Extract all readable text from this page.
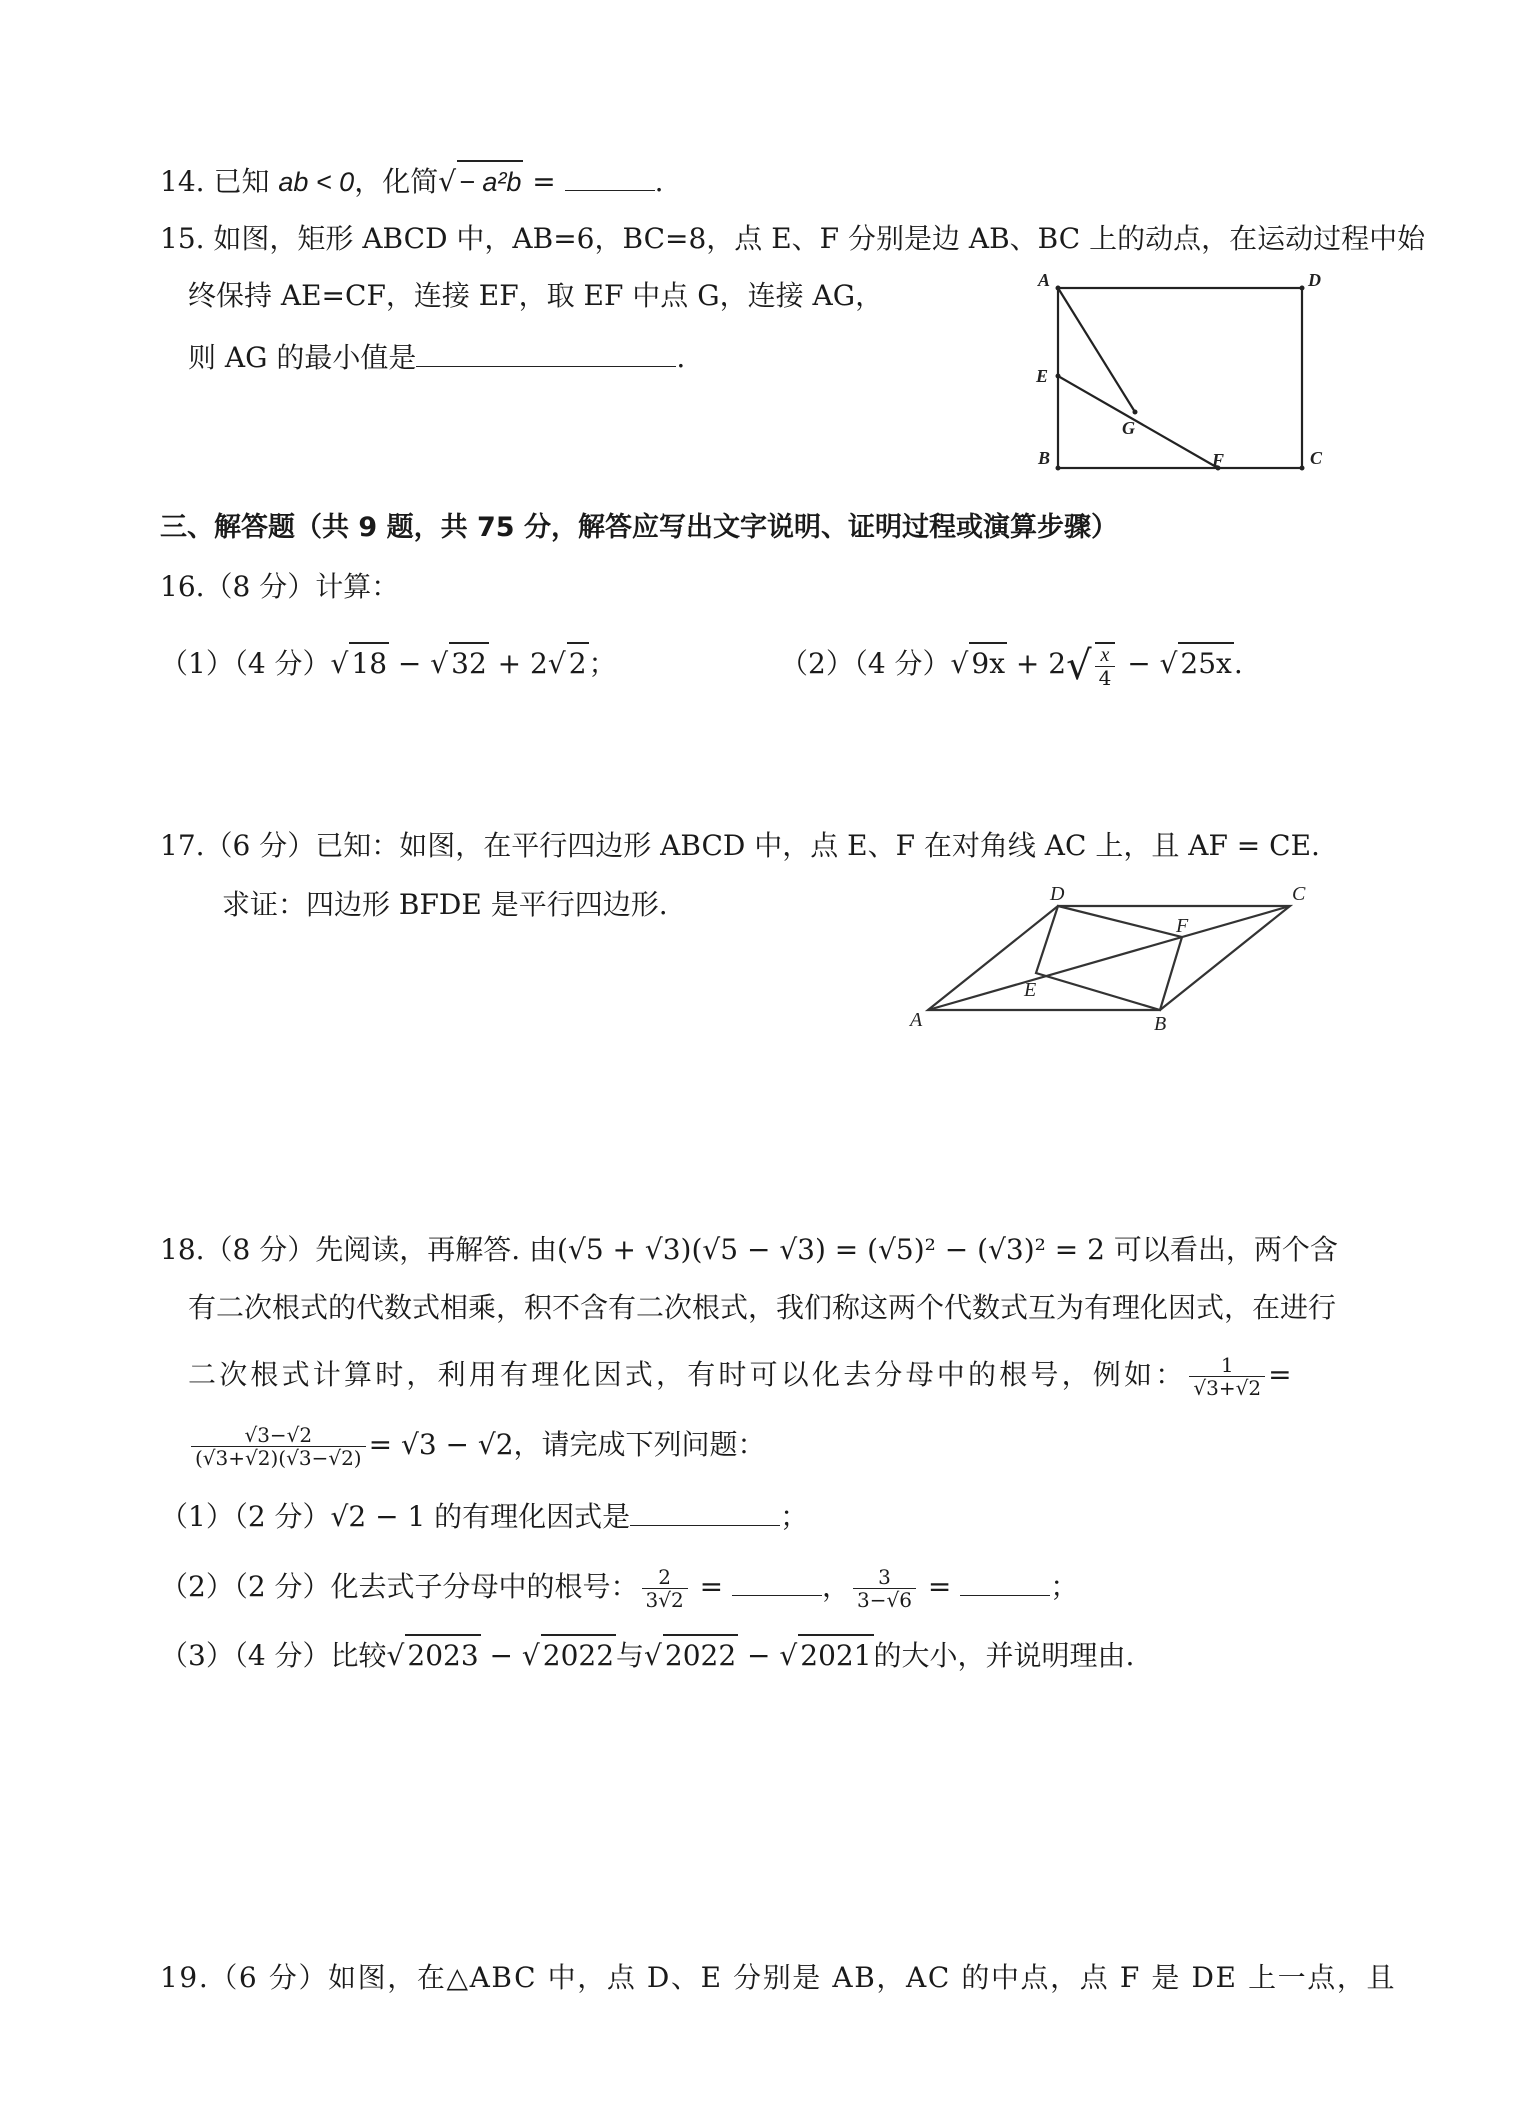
14. 已知 ab < 0，化简√ − a²b =	.
15. 如图，矩形 ABCD 中，AB=6，BC=8，点 E、F 分别是边 AB、BC 上的动点，在运动过程中始
终保持 AE=CF，连接 EF，取 EF 中点 G，连接 AG，
则 AG 的最小值是	.
A	D
E
G
B	F	C
三、解答题（共 9 题，共 75 分，解答应写出文字说明、证明过程或演算步骤）
16.（8 分）计算：
（1）（4 分）√ 18 − √ 32 + 2√ 2；	（2）（4 分）√ $9x + 2√ \frac{x}{4}$ − √ 25x.
17.（6 分）已知：如图，在平行四边形 ABCD 中，点 E、F 在对角线 AC 上，且 AF = CE.
求证：四边形 BFDE 是平行四边形.	D	C
F
E
A	B
18.（8 分）先阅读，再解答. 由(√5 + √3)(√5 − √3) = (√5)² − (√3)² = 2 可以看出，两个含
有二次根式的代数式相乘，积不含有二次根式，我们称这两个代数式互为有理化因式，在进行
二次根式计算时，利用有理化因式，有时可以化去分母中的根号，例如： $\frac{1}{√3+√2}$ =
$\frac{√3-√2}{(√3+√2)(√3-√2)} = √3 - √2$，请完成下列问题：
（1）（2 分）√2 − 1 的有理化因式是	；
（2）（2 分）化去式子分母中的根号： $\frac{2}{3√2}$ =	， $\frac{3}{3-√6}$ =	；
（3）（4 分）比较√ 2023 − √ 2022与√ 2022 − √ 2021的大小，并说明理由.
19.（6 分）如图，在△ABC 中，点 D、E 分别是 AB，AC 的中点，点 F 是 DE 上一点，且
